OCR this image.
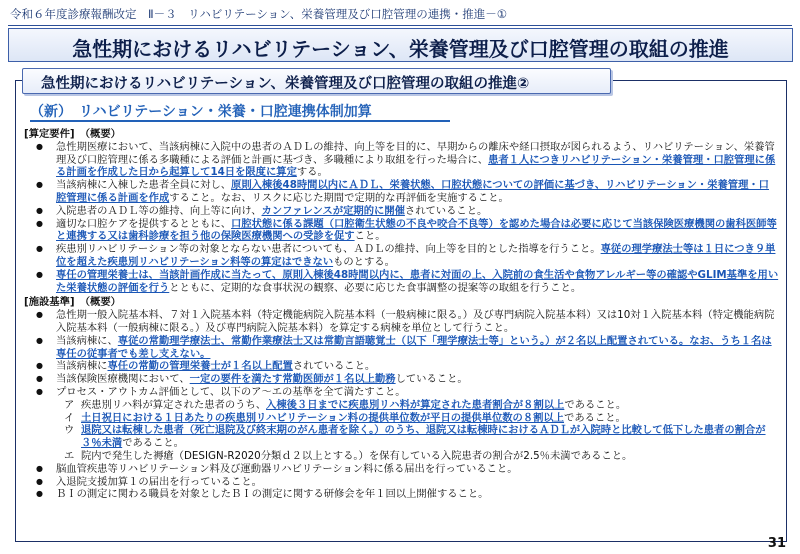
令和６年度診療報酬改定　Ⅱ－３　リハビリテーション、栄養管理及び口腔管理の連携・推進－①
急性期におけるリハビリテーション、栄養管理及び口腔管理の取組の推進
急性期におけるリハビリテーション、栄養管理及び口腔管理の取組の推進②
（新）　リハビリテーション・栄養・口腔連携体制加算
[算定要件]　（概要）
● 急性期医療において、当該病棟に入院中の患者のＡＤＬの維持、向上等を目的に、早期からの離床や経口摂取が図られるよう、リハビリテーション、栄養管理及び口腔管理に係る多職種による評価と計画に基づき、多職種により取組を行った場合に、患者１人につきリハビリテーション・栄養管理・口腔管理に係る計画を作成した日から起算して14日を限度に算定する。
● 当該病棟に入棟した患者全員に対し、原則入棟後48時間以内にＡＤＬ、栄養状態、口腔状態についての評価に基づき、リハビリテーション・栄養管理・口腔管理に係る計画を作成すること。なお、リスクに応じた期間で定期的な再評価を実施すること。
● 入院患者のＡＤＬ等の維持、向上等に向け、カンファレンスが定期的に開催されていること。
● 適切な口腔ケアを提供するとともに、口腔状態に係る課題（口腔衛生状態の不良や咬合不良等）を認めた場合は必要に応じて当該保険医療機関の歯科医師等と連携する又は歯科診療を担う他の保険医療機関への受診を促すこと。
● 疾患別リハビリテーション等の対象とならない患者についても、ＡＤＬの維持、向上等を目的とした指導を行うこと。専従の理学療法士等は１日につき９単位を超えた疾患別リハビリテーション料等の算定はできないものとする。
● 専任の管理栄養士は、当該計画作成に当たって、原則入棟後48時間以内に、患者に対面の上、入院前の食生活や食物アレルギー等の確認やGLIM基準を用いた栄養状態の評価を行うとともに、定期的な食事状況の観察、必要に応じた食事調整の提案等の取組を行うこと。
[施設基準]　（概要）
● 急性期一般入院基本料、７対１入院基本料（特定機能病院入院基本料（一般病棟に限る。）及び専門病院入院基本料）又は10対１入院基本料（特定機能病院入院基本料（一般病棟に限る。）及び専門病院入院基本料）を算定する病棟を単位として行うこと。
● 当該病棟に、専従の常勤理学療法士、常勤作業療法士又は常勤言語聴覚士（以下「理学療法士等」という。）が２名以上配置されている。なお、うち１名は専任の従事者でも差し支えない。
● 当該病棟に専任の常勤の管理栄養士が１名以上配置されていること。
● 当該保険医療機関において、一定の要件を満たす常勤医師が１名以上勤務していること。
● プロセス・アウトカム評価として、以下のア～エの基準を全て満たすこと。
ア 疾患別リハ料が算定された患者のうち、入棟後３日までに疾患別リハ料が算定された患者割合が８割以上であること。
イ 土日祝日における１日あたりの疾患別リハビリテーション料の提供単位数が平日の提供単位数の８割以上であること。
ウ 退院又は転棟した患者（死亡退院及び終末期のがん患者を除く。）のうち、退院又は転棟時におけるＡＤＬが入院時と比較して低下した患者の割合が３％未満であること。
エ 院内で発生した褥瘡（DESIGN-R2020分類ｄ２以上とする。）を保有している入院患者の割合が2.5％未満であること。
● 脳血管疾患等リハビリテーション料及び運動器リハビリテーション料に係る届出を行っていること。
● 入退院支援加算１の届出を行っていること。
● ＢＩの測定に関わる職員を対象としたＢＩの測定に関する研修会を年１回以上開催すること。
31
